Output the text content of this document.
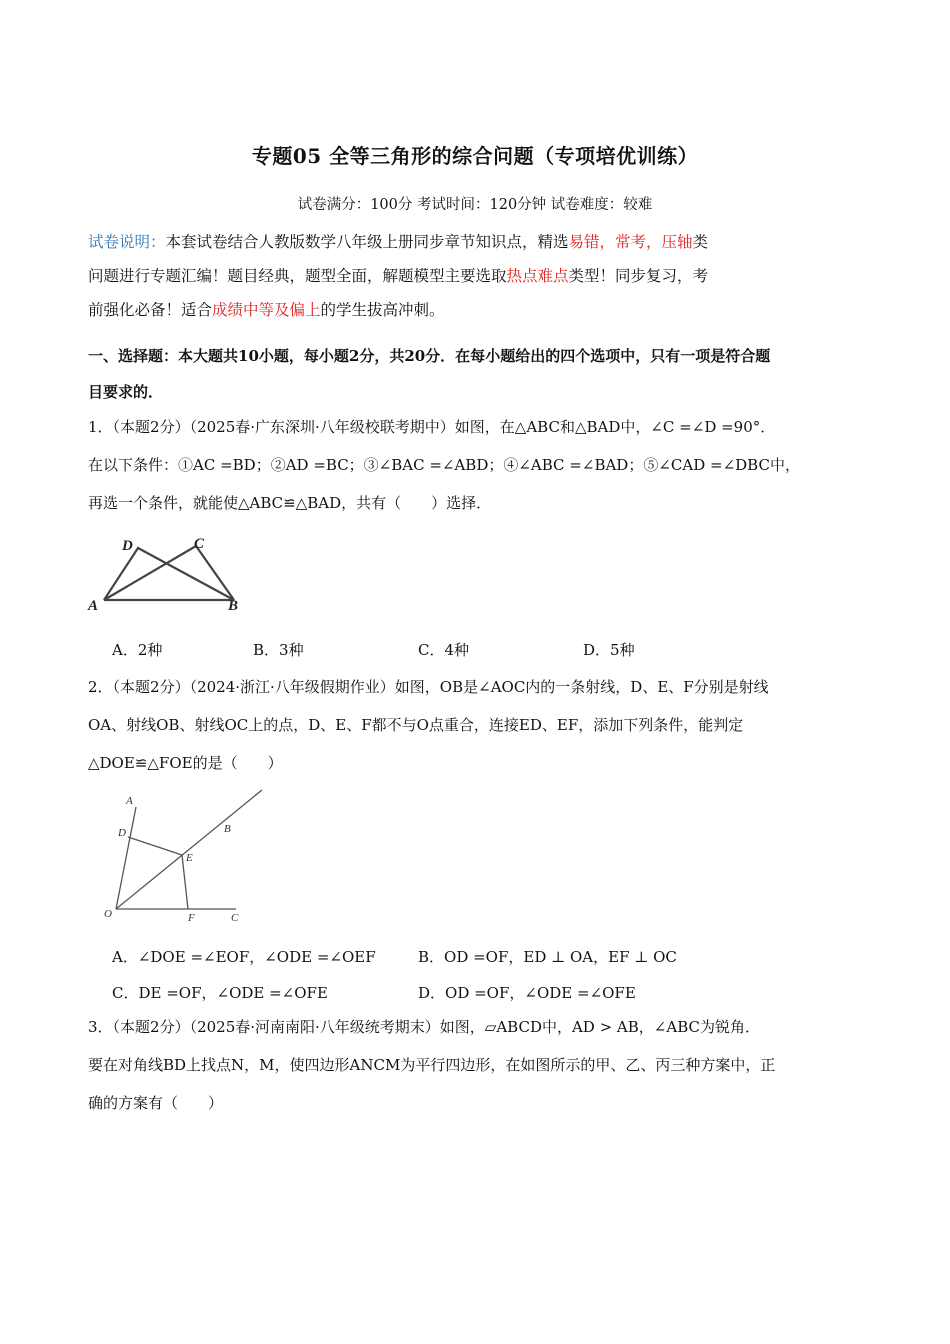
专题05 全等三角形的综合问题（专项培优训练）
试卷满分：100分 考试时间：120分钟 试卷难度：较难
试卷说明：本套试卷结合人教版数学八年级上册同步章节知识点，精选易错，常考，压轴类
问题进行专题汇编！题目经典，题型全面，解题模型主要选取热点难点类型！同步复习，考
前强化必备！适合成绩中等及偏上的学生拔高冲刺。
一、选择题：本大题共10小题，每小题2分，共20分．在每小题给出的四个选项中，只有一项是符合题
目要求的．
1．（本题2分）（2025春·广东深圳·八年级校联考期中）如图，在△ABC和△BAD中，∠C =∠D =90°．
在以下条件：①AC =BD；②AD =BC；③∠BAC =∠ABD；④∠ABC =∠BAD；⑤∠CAD =∠DBC中，
再选一个条件，就能使△ABC≌△BAD，共有（　　）选择．
D	C
A	B
A．2种	B．3种	C．4种	D．5种
2．（本题2分）（2024·浙江·八年级假期作业）如图，OB是∠AOC内的一条射线，D、E、F分别是射线
OA、射线OB、射线OC上的点，D、E、F都不与O点重合，连接ED、EF，添加下列条件，能判定
△DOE≌△FOE的是（　　）
A
D	B
E
O	F	C
A．∠DOE =∠EOF，∠ODE =∠OEF	B．OD =OF，ED ⊥ OA，EF ⊥ OC
C．DE =OF，∠ODE =∠OFE	D．OD =OF，∠ODE =∠OFE
3．（本题2分）（2025春·河南南阳·八年级统考期末）如图，▱ABCD中，AD > AB，∠ABC为锐角．
要在对角线BD上找点N，M，使四边形ANCM为平行四边形，在如图所示的甲、乙、丙三种方案中，正
确的方案有（　　）
